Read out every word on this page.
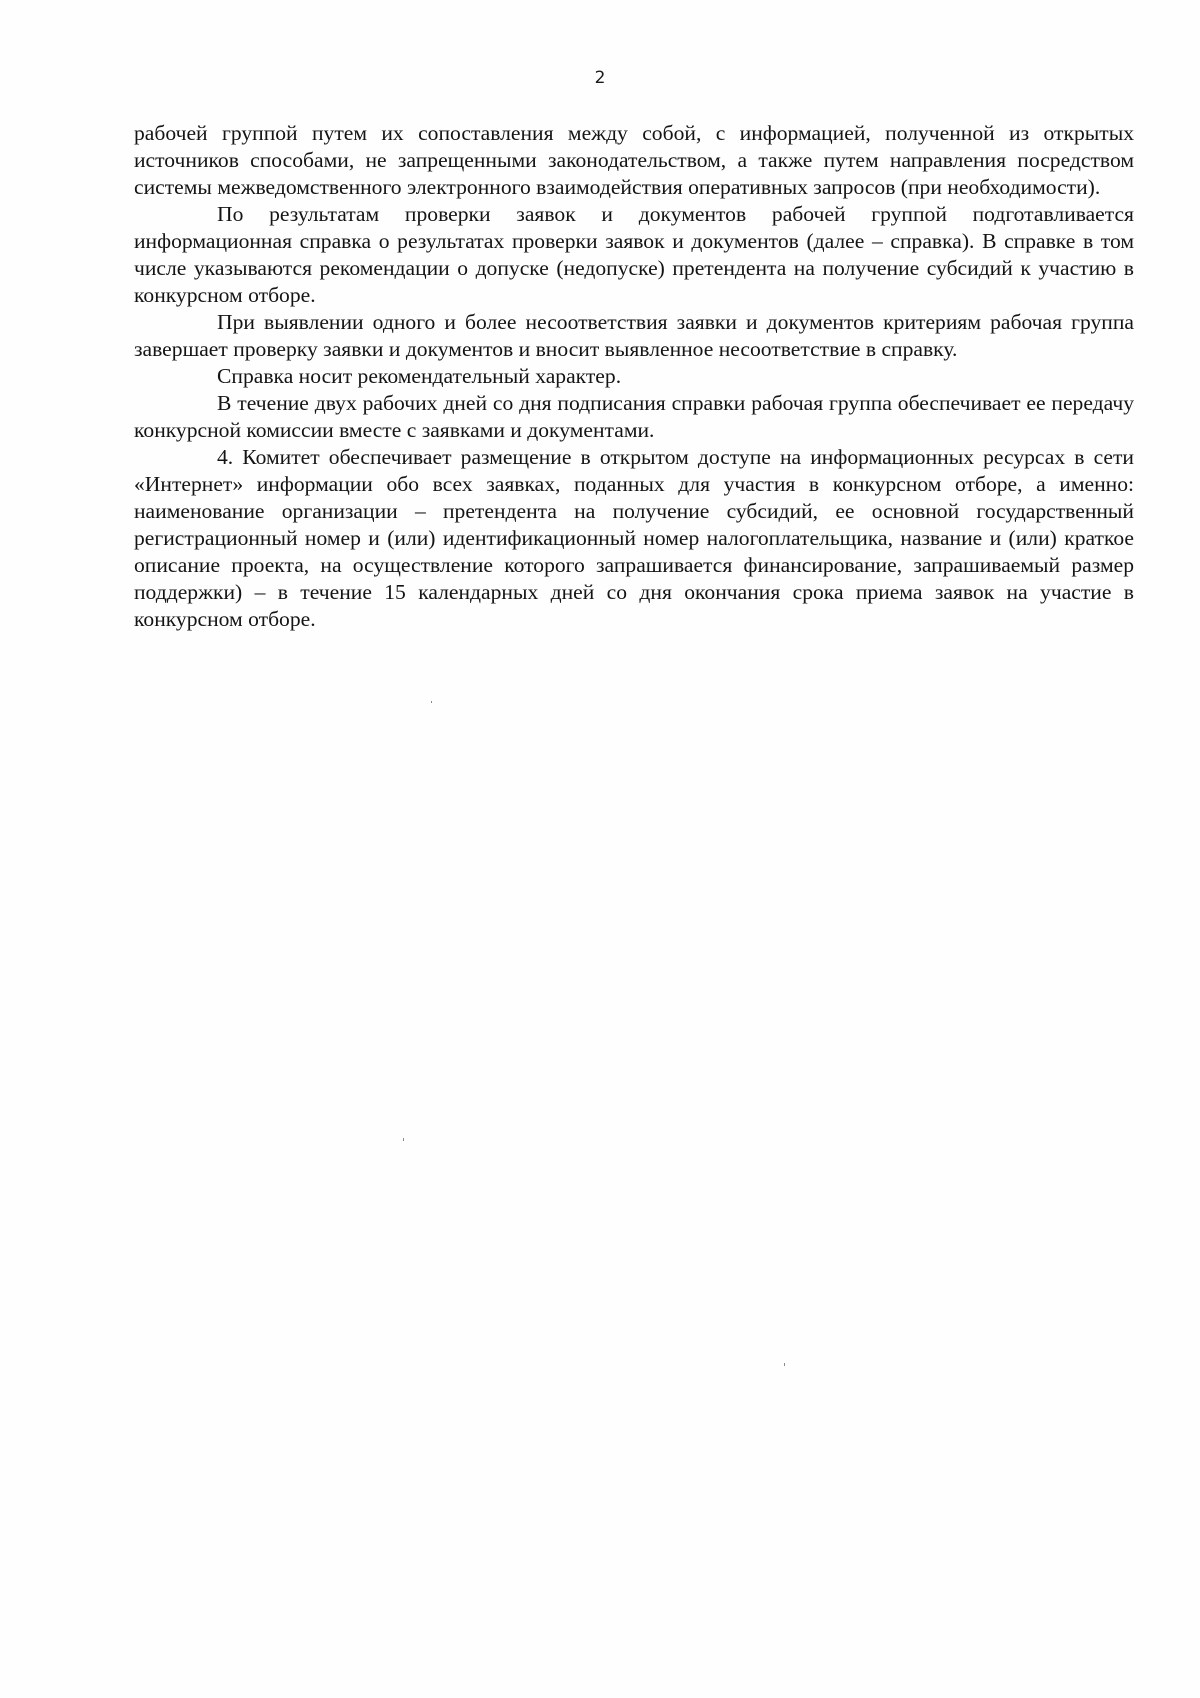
2

рабочей группой путем их сопоставления между собой, с информацией, полученной из открытых источников способами, не запрещенными законодательством, а также путем направления посредством системы межведомственного электронного взаимодействия оперативных запросов (при необходимости).

По результатам проверки заявок и документов рабочей группой подготавливается информационная справка о результатах проверки заявок и документов (далее – справка). В справке в том числе указываются рекомендации о допуске (недопуске) претендента на получение субсидий к участию в конкурсном отборе.

При выявлении одного и более несоответствия заявки и документов критериям рабочая группа завершает проверку заявки и документов и вносит выявленное несоответствие в справку.

Справка носит рекомендательный характер.

В течение двух рабочих дней со дня подписания справки рабочая группа обеспечивает ее передачу конкурсной комиссии вместе с заявками и документами.

4. Комитет обеспечивает размещение в открытом доступе на информационных ресурсах в сети «Интернет» информации обо всех заявках, поданных для участия в конкурсном отборе, а именно: наименование организации – претендента на получение субсидий, ее основной государственный регистрационный номер и (или) идентификационный номер налогоплательщика, название и (или) краткое описание проекта, на осуществление которого запрашивается финансирование, запрашиваемый размер поддержки) – в течение 15 календарных дней со дня окончания срока приема заявок на участие в конкурсном отборе.
